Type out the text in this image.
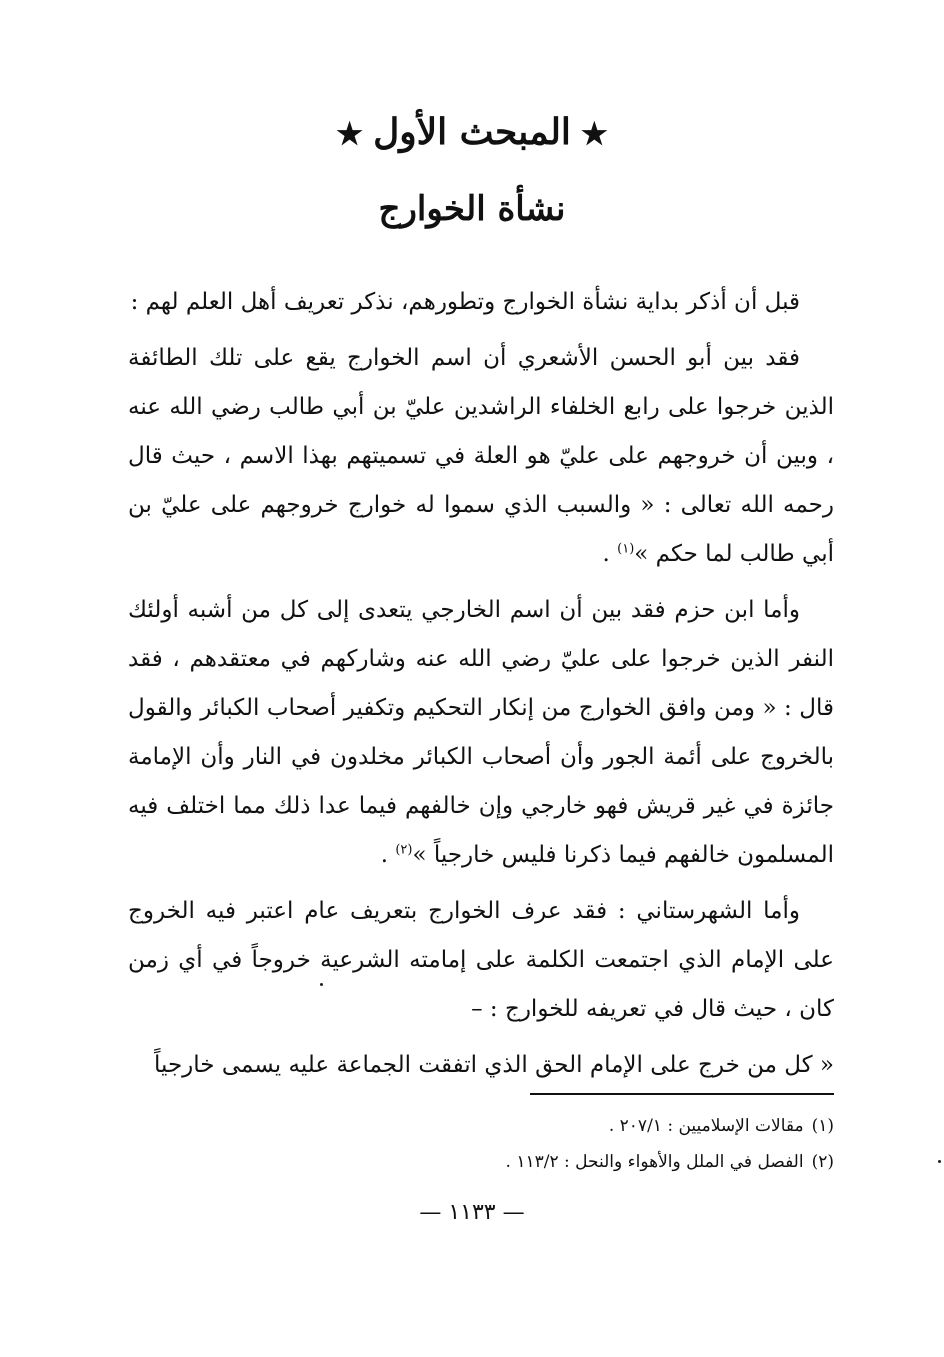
★المبحث الأول★
نشأة الخوارج

قبل أن أذكر بداية نشأة الخوارج وتطورهم، نذكر تعريف أهل العلم لهم :

فقد بين أبو الحسن الأشعري أن اسم الخوارج يقع على تلك الطائفة الذين خرجوا على رابع الخلفاء الراشدين عليّ بن أبي طالب رضي الله عنه ، وبين أن خروجهم على عليّ هو العلة في تسميتهم بهذا الاسم ، حيث قال رحمه الله تعالى : « والسبب الذي سموا له خوارج خروجهم على عليّ بن أبي طالب لما حكم »$^{(١)}$ .

وأما ابن حزم فقد بين أن اسم الخارجي يتعدى إلى كل من أشبه أولئك النفر الذين خرجوا على عليّ رضي الله عنه وشاركهم في معتقدهم ، فقد قال : « ومن وافق الخوارج من إنكار التحكيم وتكفير أصحاب الكبائر والقول بالخروج على أئمة الجور وأن أصحاب الكبائر مخلدون في النار وأن الإمامة جائزة في غير قريش فهو خارجي وإن خالفهم فيما عدا ذلك مما اختلف فيه المسلمون خالفهم فيما ذكرنا فليس خارجياً »$^{(٢)}$ .

وأما الشهرستاني : فقد عرف الخوارج بتعريف عام اعتبر فيه الخروج على الإمام الذي اجتمعت الكلمة على إمامته الشرعية خروجاً في أي زمن كان ، حيث قال في تعريفه للخوارج : –

« كل من خرج على الإمام الحق الذي اتفقت الجماعة عليه يسمى خارجياً

(١)مقالات الإسلاميين : ٢٠٧/١ .
(٢)الفصل في الملل والأهواء والنحل : ١١٣/٢ .
— ١١٣٣ —
